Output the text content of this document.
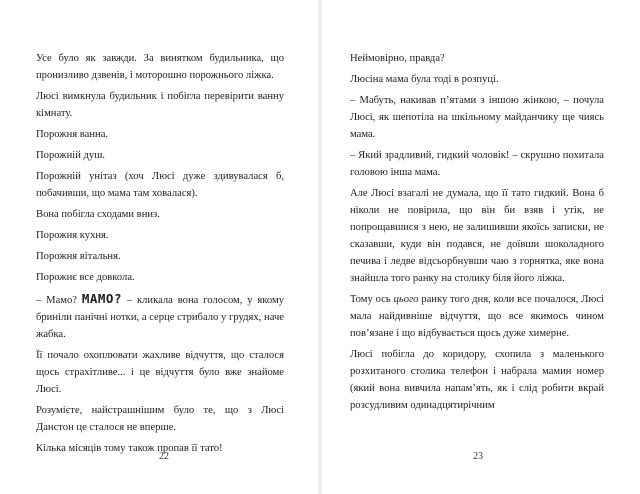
Усе було як завжди. За винятком будильника, що пронизливо дзвенів, і моторошно порожнього ліжка.

Люсі вимкнула будильник і побігла перевірити ванну кімнату.

Порожня ванна.

Порожній душ.

Порожній унітаз (хоч Люсі дуже здивувалася б, побачивши, що мама там ховалася).

Вона побігла сходами вниз.

Порожня кухня.

Порожня вітальня.

Порожнє все довкола.

– Мамо? МАМО? – кликала вона голосом, у якому бриніли панічні нотки, а серце стрибало у грудях, наче жабка.

Її почало охоплювати жахливе відчуття, що сталося щось страхітливе... і це відчуття було вже знайоме Люсі.

Розумієте, найстрашнішим було те, що з Люсі Данстон це сталося не вперше.

Кілька місяців тому також пропав її тато!

22

Неймовірно, правда?

Люсіна мама була тоді в розпуці.

– Мабуть, накивав п’ятами з іншою жінкою, – почула Люсі, як шепотіла на шкільному майданчику ще чиясь мама.

– Який зрадливий, гидкий чоловік! – скрушно похитала головою інша мама.

Але Люсі взагалі не думала, що її тато гидкий. Вона б ніколи не повірила, що він би взяв і утік, не попрощавшися з нею, не залишивши якоїсь записки, не сказавши, куди він подався, не доївши шоколадного печива і ледве відсьорбнувши чаю з горнятка, яке вона знайшла того ранку на столику біля його ліжка.

Тому ось цього ранку того дня, коли все почалося, Люсі мала найдивніше відчуття, що все якимось чином пов’язане і що відбувається щось дуже химерне.

Люсі побігла до коридору, схопила з маленького розхитаного столика телефон і набрала мамин номер (який вона вивчила напам’ять, як і слід робити вкрай розсудливим одинадцятирічним

23
